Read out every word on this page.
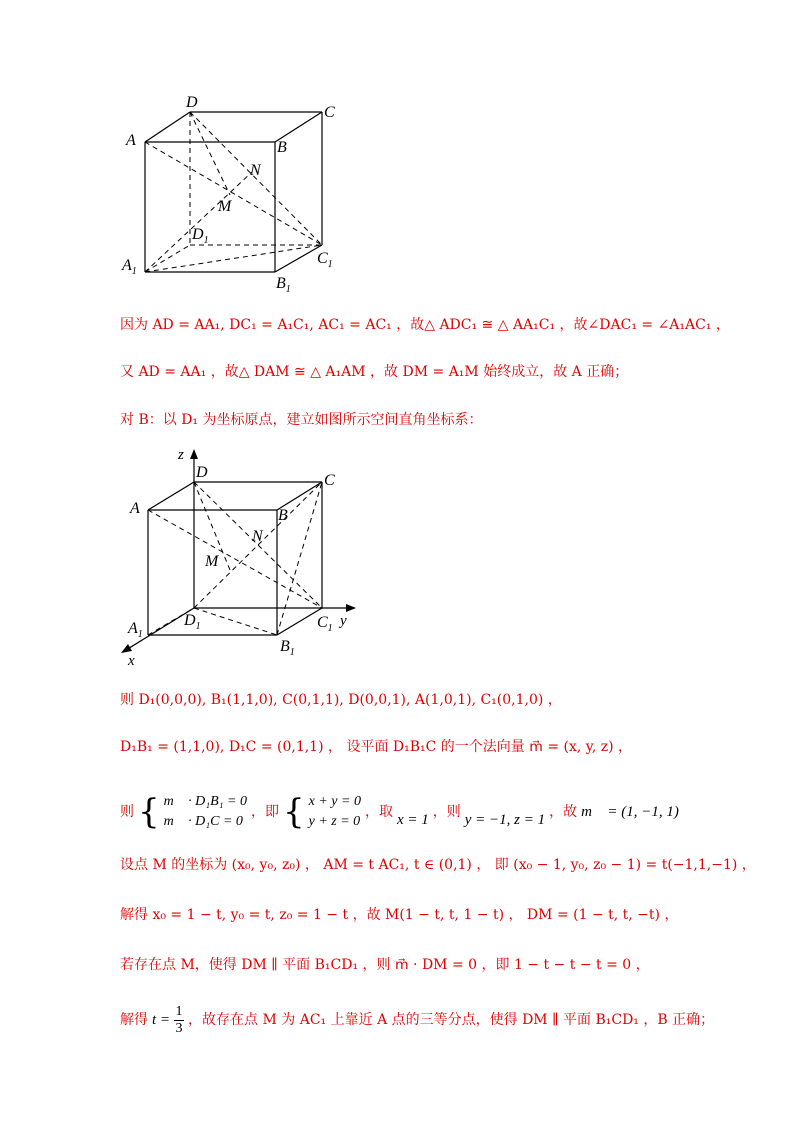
A
D
C
B
N
M
$D_1$
$A_1$
$C_1$
$B_1$
因为 AD = AA₁, DC₁ = A₁C₁, AC₁ = AC₁ ，故△ ADC₁ ≅ △ AA₁C₁ ，故∠DAC₁ = ∠A₁AC₁ ，
又 AD = AA₁ ，故△ DAM ≅ △ A₁AM ，故 DM = A₁M 始终成立，故 A 正确；
对 B：以 D₁ 为坐标原点，建立如图所示空间直角坐标系：
z
D	C
A	B
N
M
$D_1$
$A_1$
$C_1$ y
$B_1$
x
则 D₁(0,0,0), B₁(1,1,0), C(0,1,1), D(0,0,1), A(1,0,1), C₁(0,1,0) ，
D₁B₁ = (1,1,0), D₁C = (0,1,1) ， 设平面 D₁B₁C 的一个法向量 m⃗ = (x, y, z) ，
则 { m⃗ · D₁B₁ = 0
m⃗ · D₁C = 0
，即 { x + y = 0
y + z = 0
，取 x = 1 ，则 y = −1, z = 1 ，故 m⃗ = (1, −1, 1) ；
设点 M 的坐标为 (x₀, y₀, z₀) ， AM = t AC₁, t ∈ (0,1) ， 即 (x₀ − 1, y₀, z₀ − 1) = t(−1,1,−1) ，
解得 x₀ = 1 − t, y₀ = t, z₀ = 1 − t ，故 M(1 − t, t, 1 − t) ， DM = (1 − t, t, −t) ，
若存在点 M，使得 DM ∥ 平面 B₁CD₁ ，则 m⃗ · DM = 0 ，即 1 − t − t − t = 0 ，
解得 t =
1
3 ，故存在点 M 为 AC₁ 上靠近 A 点的三等分点，使得 DM ∥ 平面 B₁CD₁ ，B 正确；
